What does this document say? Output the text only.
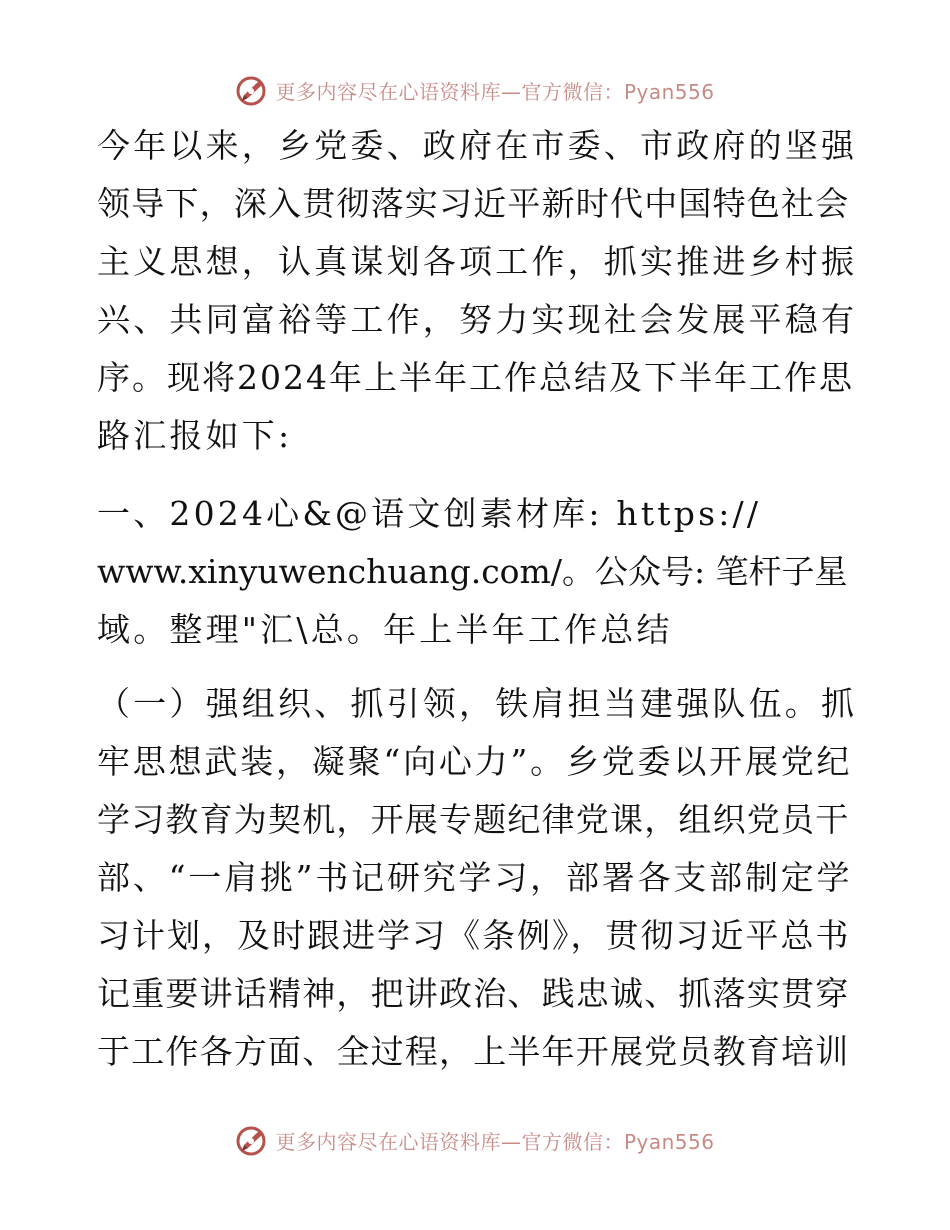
更多内容尽在心语资料库—官方微信：Pyan556
今年以来，乡党委、政府在市委、市政府的坚强
领导下，深入贯彻落实习近平新时代中国特色社会
主义思想，认真谋划各项工作，抓实推进乡村振
兴、共同富裕等工作，努力实现社会发展平稳有
序。现将2024年上半年工作总结及下半年工作思
路汇报如下:
一、2024心&@语文创素材库: https://
www.xinyuwenchuang.com/。公众号: 笔杆子星
域。整理"汇\总。年上半年工作总结
（一）强组织、抓引领，铁肩担当建强队伍。抓
牢思想武装，凝聚“向心力”。乡党委以开展党纪
学习教育为契机，开展专题纪律党课，组织党员干
部、“一肩挑”书记研究学习，部署各支部制定学
习计划，及时跟进学习《条例》，贯彻习近平总书
记重要讲话精神，把讲政治、践忠诚、抓落实贯穿
于工作各方面、全过程，上半年开展党员教育培训
更多内容尽在心语资料库—官方微信：Pyan556
